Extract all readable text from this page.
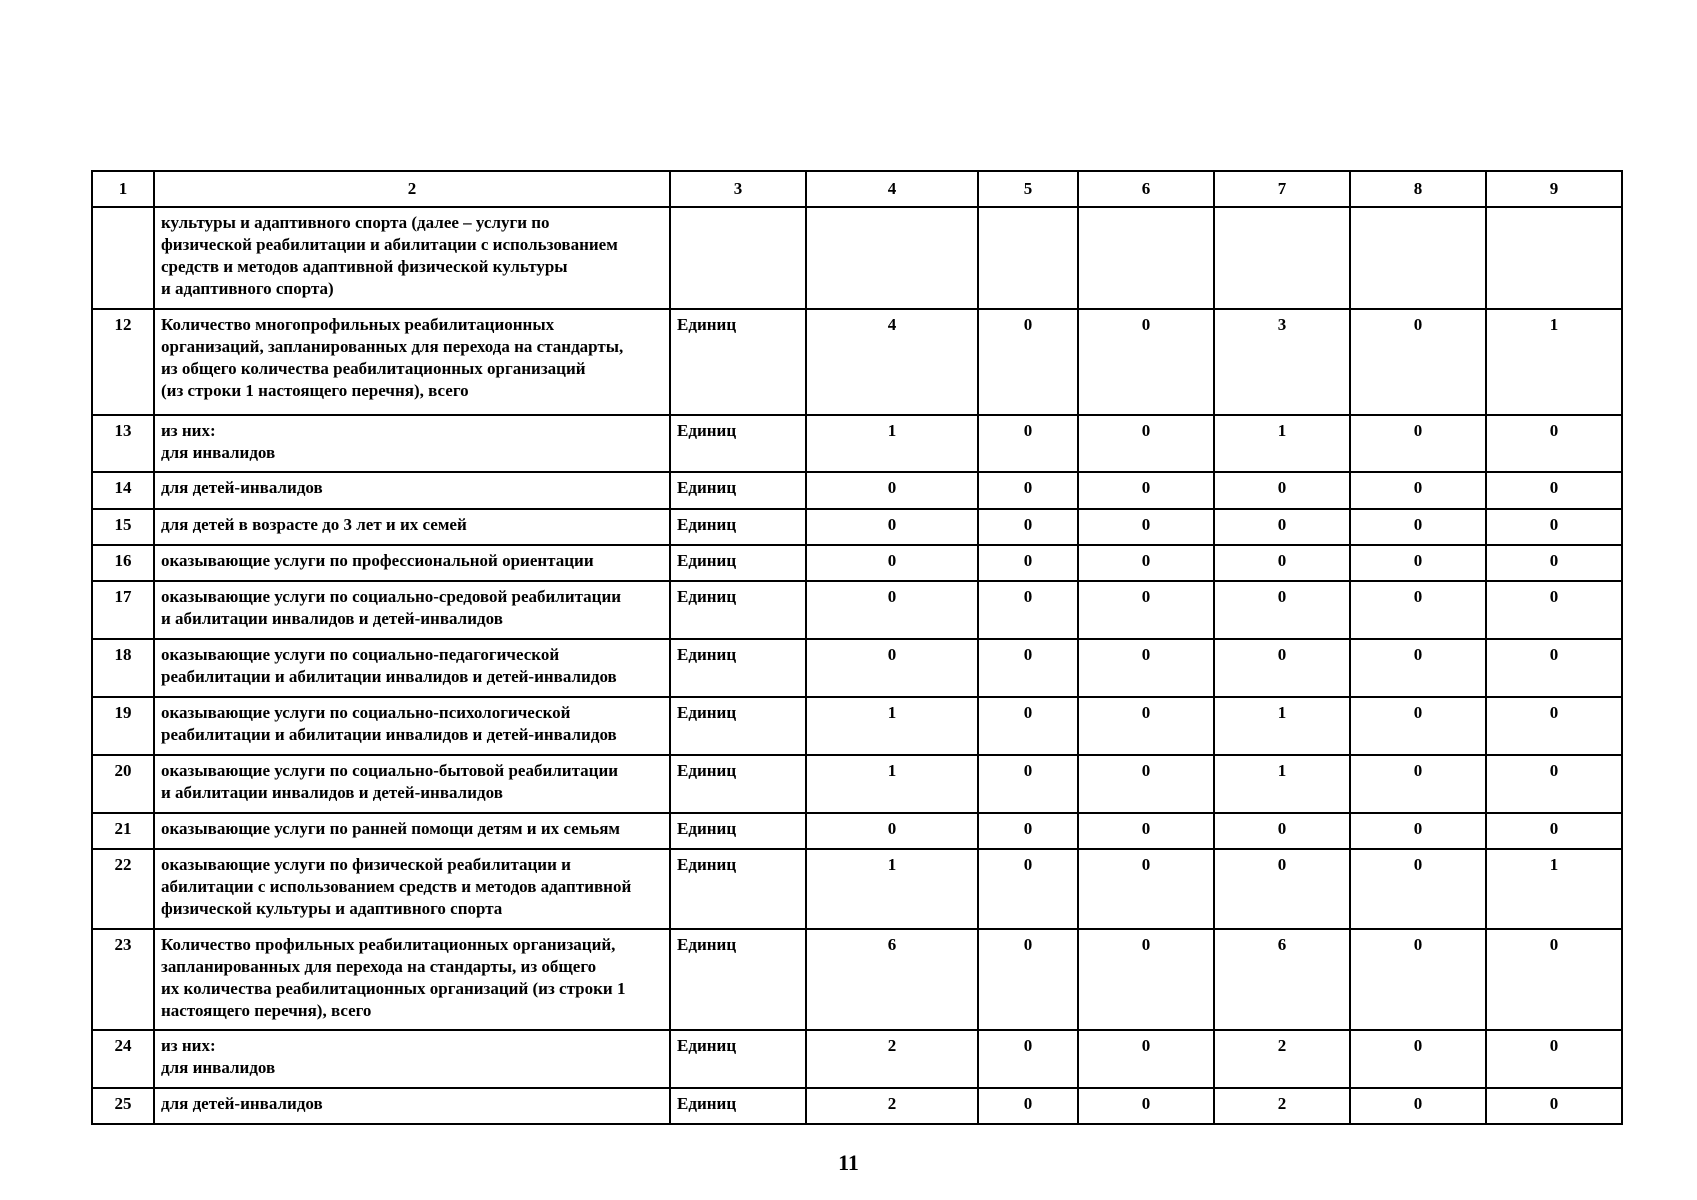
1	2	3	4	5	6	7	8	9
	культуры и адаптивного спорта (далее – услуги по
физической реабилитации и абилитации с использованием
средств и методов адаптивной физической культуры
и адаптивного спорта)							
12	Количество многопрофильных реабилитационных
организаций, запланированных для перехода на стандарты,
из общего количества реабилитационных организаций
(из строки 1 настоящего перечня), всего	Единиц	4	0	0	3	0	1
13	из них:
для инвалидов	Единиц	1	0	0	1	0	0
14	для детей-инвалидов	Единиц	0	0	0	0	0	0
15	для детей в возрасте до 3 лет и их семей	Единиц	0	0	0	0	0	0
16	оказывающие услуги по профессиональной ориентации	Единиц	0	0	0	0	0	0
17	оказывающие услуги по социально-средовой реабилитации
и абилитации инвалидов и детей-инвалидов	Единиц	0	0	0	0	0	0
18	оказывающие услуги по социально-педагогической
реабилитации и абилитации инвалидов и детей-инвалидов	Единиц	0	0	0	0	0	0
19	оказывающие услуги по социально-психологической
реабилитации и абилитации инвалидов и детей-инвалидов	Единиц	1	0	0	1	0	0
20	оказывающие услуги по социально-бытовой реабилитации
и абилитации инвалидов и детей-инвалидов	Единиц	1	0	0	1	0	0
21	оказывающие услуги по ранней помощи детям и их семьям	Единиц	0	0	0	0	0	0
22	оказывающие услуги по физической реабилитации и
абилитации с использованием средств и методов адаптивной
физической культуры и адаптивного спорта	Единиц	1	0	0	0	0	1
23	Количество профильных реабилитационных организаций,
запланированных для перехода на стандарты, из общего
их количества реабилитационных организаций (из строки 1
настоящего перечня), всего	Единиц	6	0	0	6	0	0
24	из них:
для инвалидов	Единиц	2	0	0	2	0	0
25	для детей-инвалидов	Единиц	2	0	0	2	0	0
11
